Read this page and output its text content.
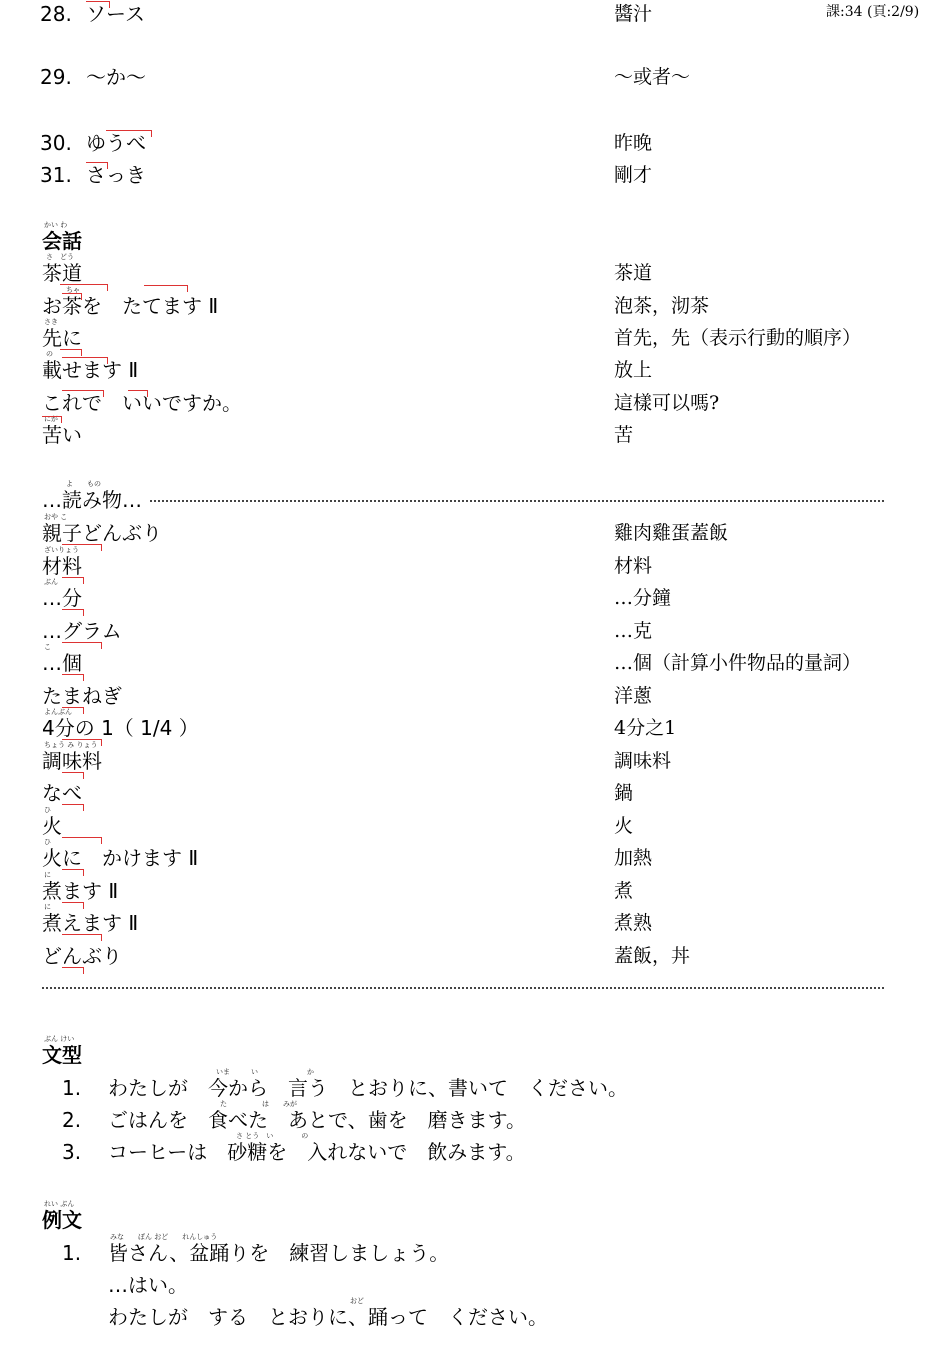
課:34 (頁:2/9)
28. ソース	醬汁
29. ～か～	～或者～
30. ゆうべ	昨晚
31. さっき	剛才
かい わ
会話
さ　どう
茶道	茶道
ちゃ
お茶を　たてます Ⅱ	泡茶，沏茶
さき
先に	首先，先（表示行動的順序）
の
載せます Ⅱ	放上
これで　いいですか。	這樣可以嗎?
にが
苦い	苦
よ　　もの
…読み物…
おや こ
親子どんぶり	雞肉雞蛋蓋飯
ざいりょう
材料	材料
ぶん
…分	…分鐘
…グラム	…克
こ
…個	…個（計算小件物品的量詞）
たまねぎ	洋蔥
よんぶん
4分の 1（ 1/4 ）	4分之1
ちょう み りょう
調味料	調味料
なべ	鍋
ひ
火	火
ひ
火に　かけます Ⅱ	加熱
に
煮ます Ⅱ	煮
に
煮えます Ⅱ	煮熟
どんぶり	蓋飯，丼
ぶん けい
文型
いま　　　い　　　　　　　か
1. わたしが　今から　言う　とおりに、書いて　ください。
た　　　　　は　　みが
2. ごはんを　食べた　あとで、歯を　磨きます。
さ とう　い　　　　の
3. コーヒーは　砂糖を　入れないで　飲みます。
れい ぶん
例文
みな　　ぼん おど　　れんしゅう
1. 皆さん、盆踊りを　練習しましょう。
…はい。
おど
わたしが　する　とおりに、踊って　ください。
